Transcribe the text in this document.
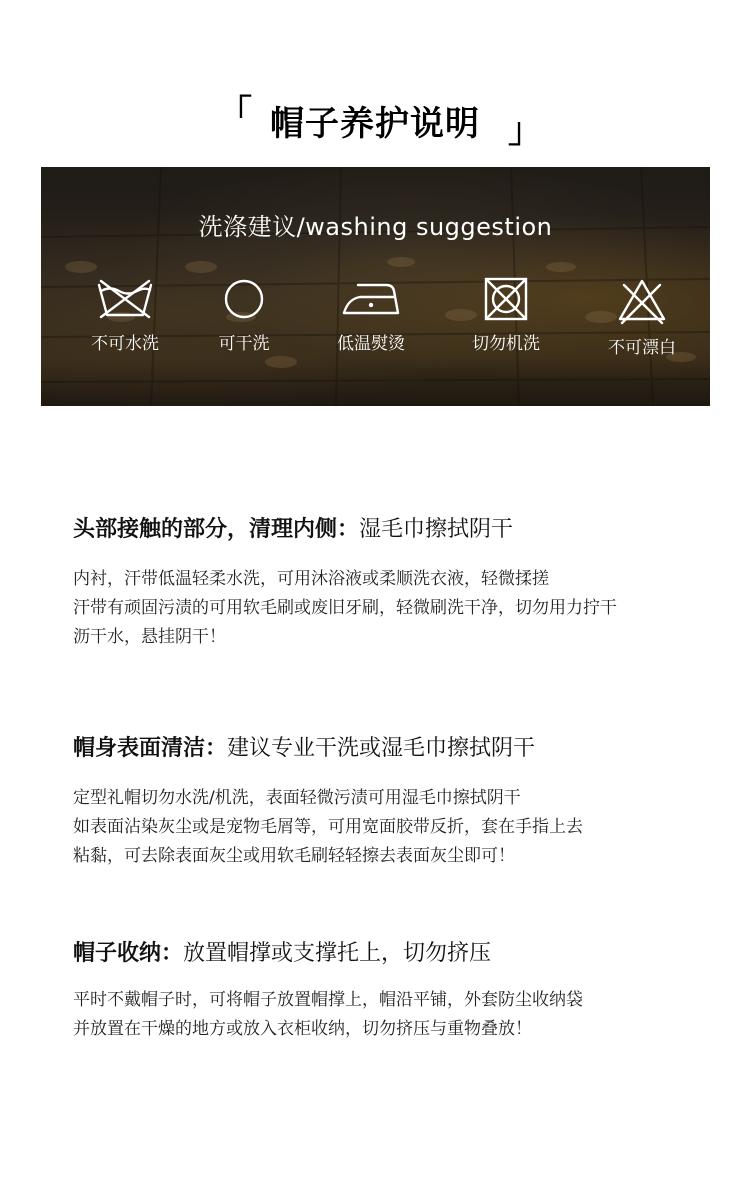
「 帽子养护说明 」
洗涤建议/washing suggestion
不可水洗	可干洗	低温熨烫	切勿机洗	不可漂白
头部接触的部分，清理内侧：湿毛巾擦拭阴干
内衬，汗带低温轻柔水洗，可用沐浴液或柔顺洗衣液，轻微揉搓
汗带有顽固污渍的可用软毛刷或废旧牙刷，轻微刷洗干净，切勿用力拧干
沥干水，悬挂阴干！
帽身表面清洁：建议专业干洗或湿毛巾擦拭阴干
定型礼帽切勿水洗/机洗，表面轻微污渍可用湿毛巾擦拭阴干
如表面沾染灰尘或是宠物毛屑等，可用宽面胶带反折，套在手指上去
粘黏，可去除表面灰尘或用软毛刷轻轻擦去表面灰尘即可！
帽子收纳：放置帽撑或支撑托上，切勿挤压
平时不戴帽子时，可将帽子放置帽撑上，帽沿平铺，外套防尘收纳袋
并放置在干燥的地方或放入衣柜收纳，切勿挤压与重物叠放！
